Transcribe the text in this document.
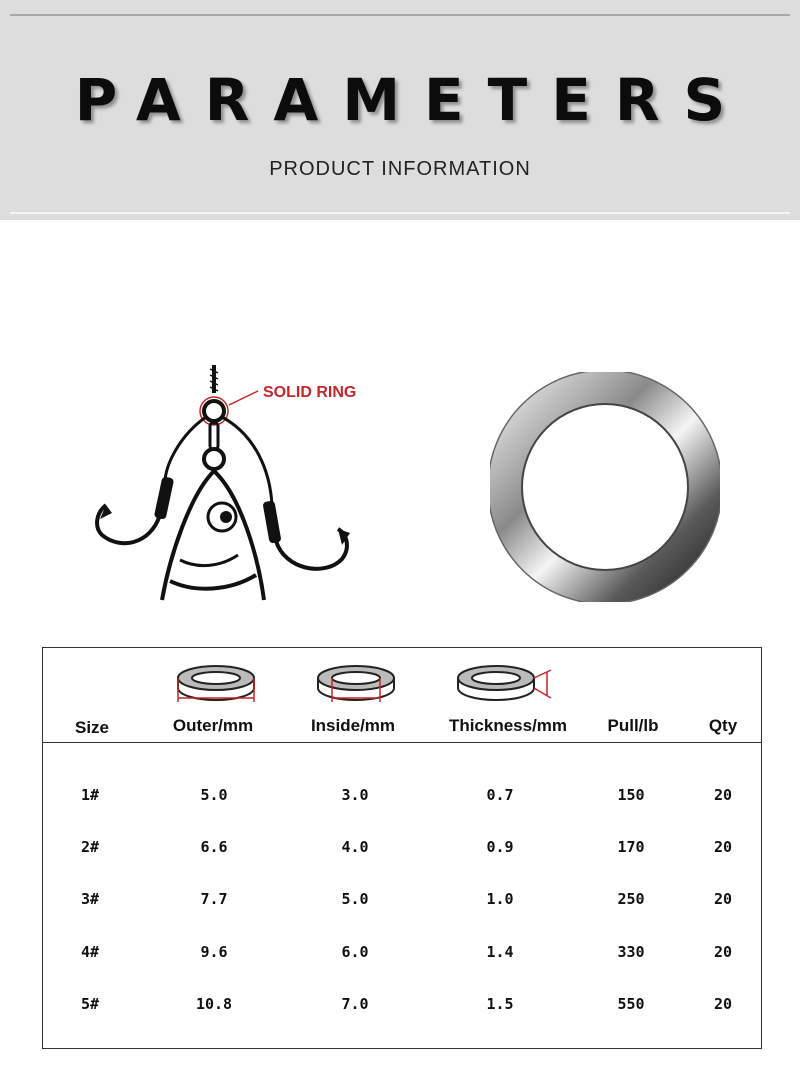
PARAMETERS
PRODUCT INFORMATION
SOLID RING
Size	Outer/mm	Inside/mm	Thickness/mm	Pull/lb	Qty
1#	5.0	3.0	0.7	150	20
2#	6.6	4.0	0.9	170	20
3#	7.7	5.0	1.0	250	20
4#	9.6	6.0	1.4	330	20
5#	10.8	7.0	1.5	550	20
